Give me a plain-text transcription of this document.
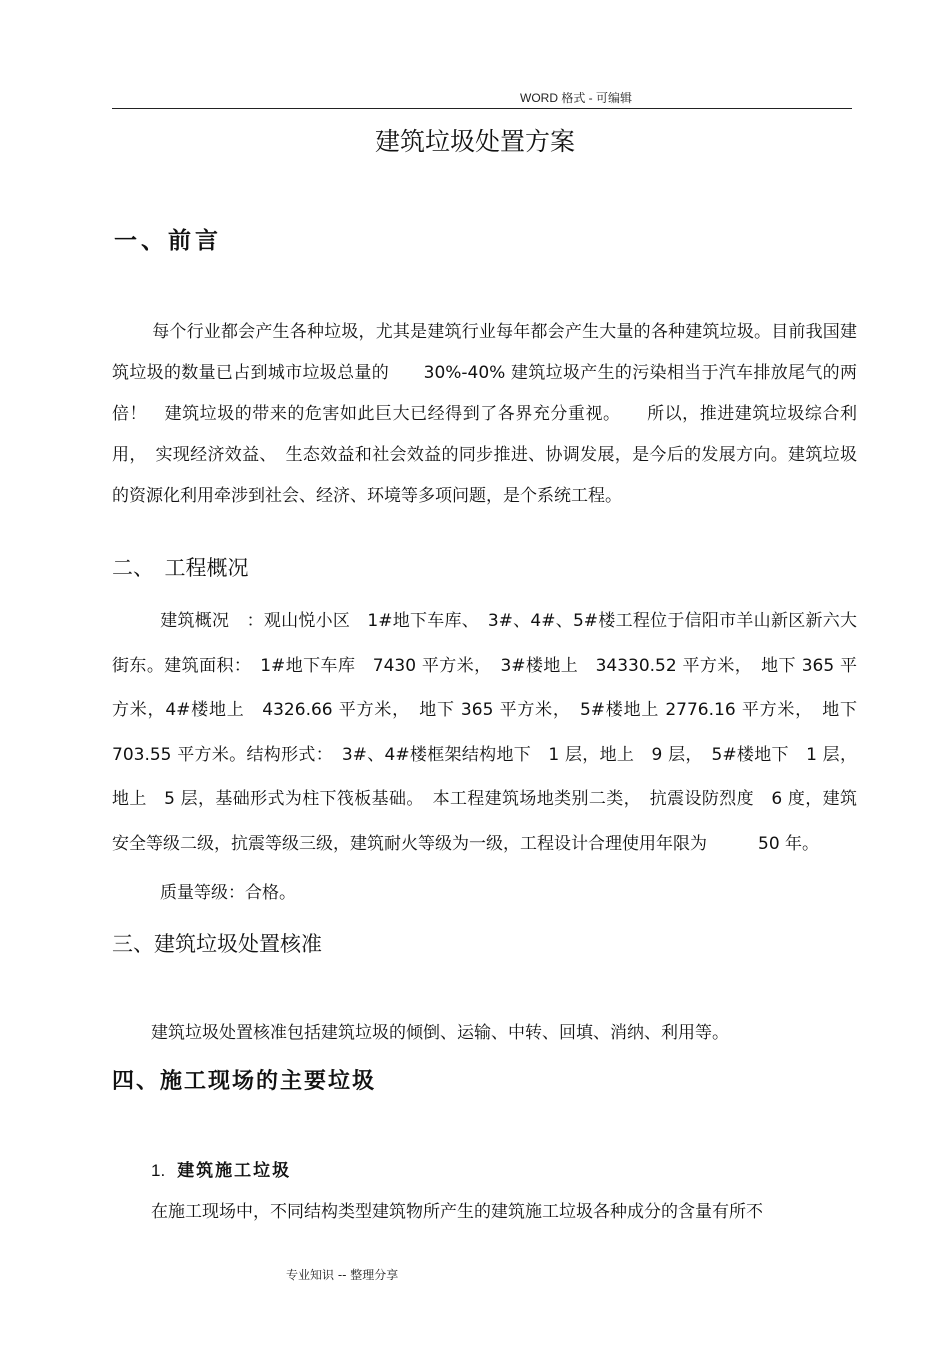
WORD 格式 - 可编辑
建筑垃圾处置方案
一、前言

每个行业都会产生各种垃圾，尤其是建筑行业每年都会产生大量的各种建筑垃圾。目前我国建筑垃圾的数量已占到城市垃圾总量的　　30%-40% 建筑垃圾产生的污染相当于汽车排放尾气的两倍！　建筑垃圾的带来的危害如此巨大已经得到了各界充分重视。　　所以，推进建筑垃圾综合利用，　实现经济效益、　生态效益和社会效益的同步推进、协调发展，是今后的发展方向。建筑垃圾的资源化利用牵涉到社会、经济、环境等多项问题，是个系统工程。

二、　工程概况

建筑概况　：观山悦小区　1#地下车库、　3#、4#、5#楼工程位于信阳市羊山新区新六大街东。建筑面积：　1#地下车库　7430 平方米，　3#楼地上　34330.52 平方米，　地下 365 平方米，4#楼地上　4326.66 平方米，　地下 365 平方米，　5#楼地上 2776.16 平方米，　地下 703.55 平方米。结构形式：　3#、4#楼框架结构地下　1 层，地上　9 层，　5#楼地下　1 层，地上　5 层，基础形式为柱下筏板基础。　本工程建筑场地类别二类，　抗震设防烈度　6 度，建筑安全等级二级，抗震等级三级，建筑耐火等级为一级，工程设计合理使用年限为　　　50 年。

质量等级：合格。
三、建筑垃圾处置核准
建筑垃圾处置核准包括建筑垃圾的倾倒、运输、中转、回填、消纳、利用等。
四、施工现场的主要垃圾
1. 建筑施工垃圾
在施工现场中，不同结构类型建筑物所产生的建筑施工垃圾各种成分的含量有所不
专业知识 -- 整理分享
